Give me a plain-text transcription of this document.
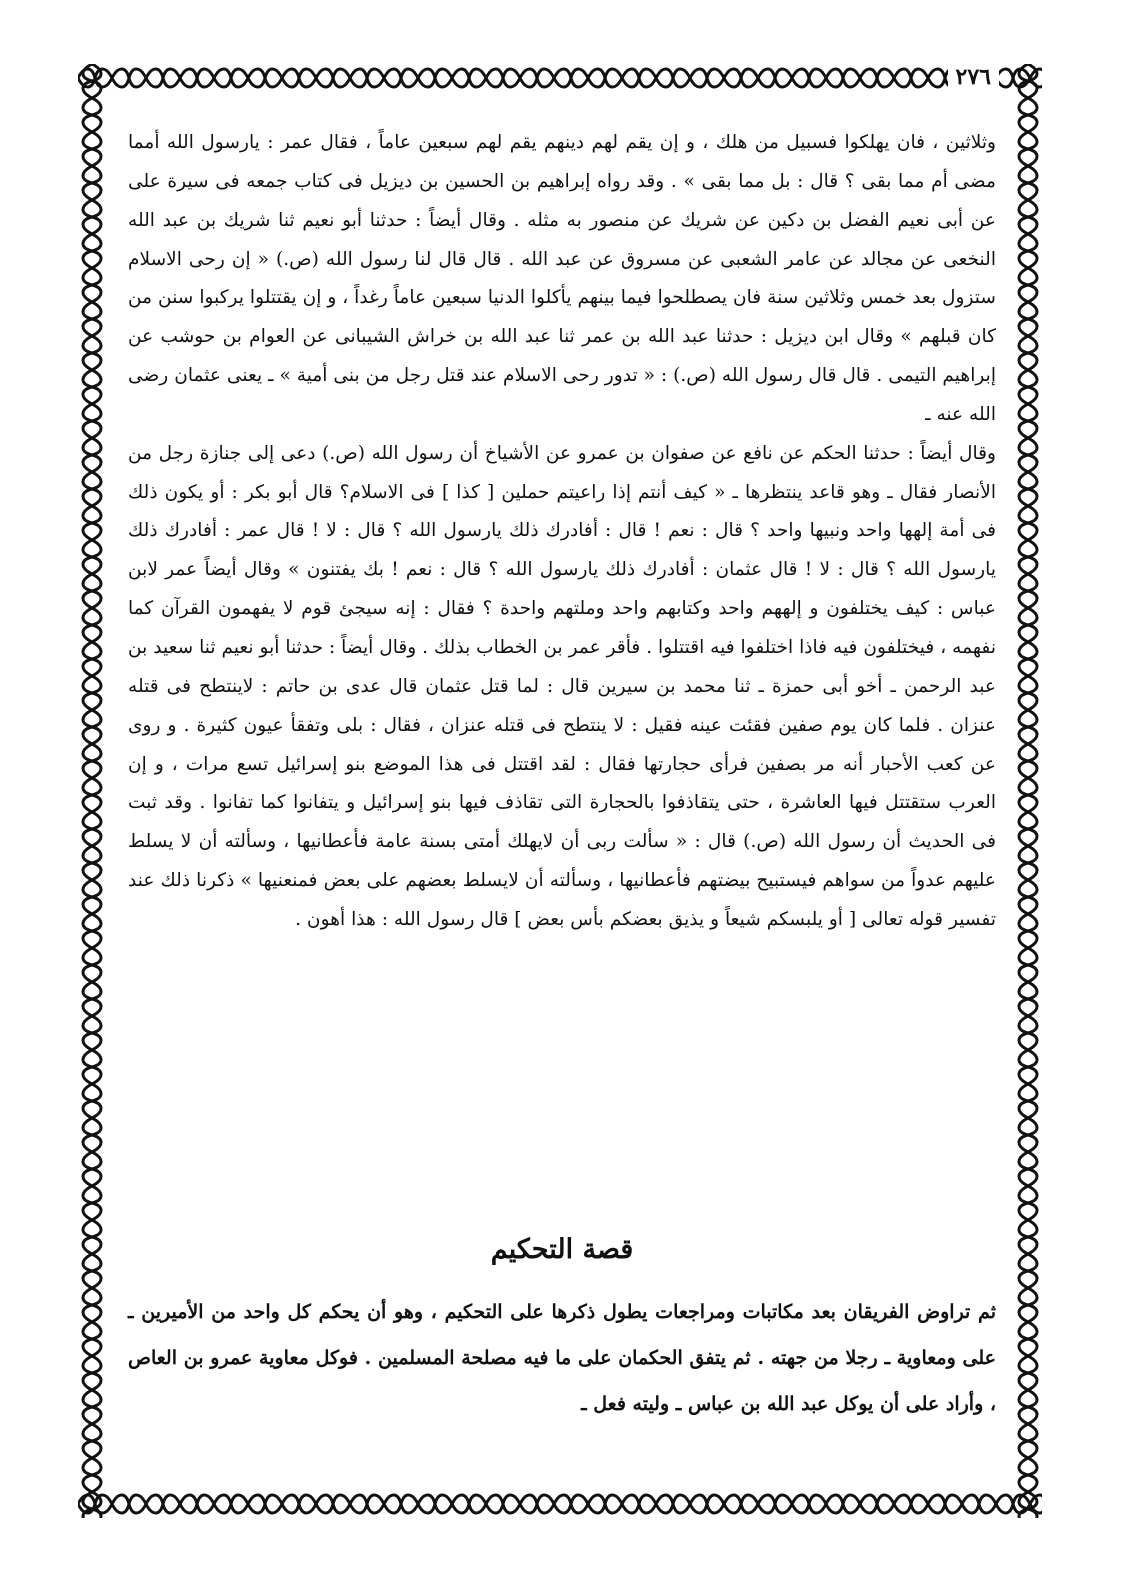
٢٧٦

وثلاثين ، فان يهلكوا فسبيل من هلك ، و إن يقم لهم دينهم يقم لهم سبعين عاماً ، فقال عمر : يارسول الله أمما مضى أم مما بقى ؟ قال : بل مما بقى » . وقد رواه إبراهيم بن الحسين بن ديزيل فى كتاب جمعه فى سيرة على عن أبى نعيم الفضل بن دكين عن شريك عن منصور به مثله . وقال أيضاً : حدثنا أبو نعيم ثنا شريك بن عبد الله النخعى عن مجالد عن عامر الشعبى عن مسروق عن عبد الله . قال قال لنا رسول الله (ص.) « إن رحى الاسلام ستزول بعد خمس وثلاثين سنة فان يصطلحوا فيما بينهم يأكلوا الدنيا سبعين عاماً رغداً ، و إن يقتتلوا يركبوا سنن من كان قبلهم » وقال ابن ديزيل : حدثنا عبد الله بن عمر ثنا عبد الله بن خراش الشيبانى عن العوام بن حوشب عن إبراهيم التيمى . قال قال رسول الله (ص.) : « تدور رحى الاسلام عند قتل رجل من بنى أمية » ـ يعنى عثمان رضى الله عنه ـ

وقال أيضاً : حدثنا الحكم عن نافع عن صفوان بن عمرو عن الأشياخ أن رسول الله (ص.) دعى إلى جنازة رجل من الأنصار فقال ـ وهو قاعد ينتظرها ـ « كيف أنتم إذا راعيتم حملين [ كذا ] فى الاسلام؟ قال أبو بكر : أو يكون ذلك فى أمة إلهها واحد ونبيها واحد ؟ قال : نعم ! قال : أفادرك ذلك يارسول الله ؟ قال : لا ! قال عمر : أفادرك ذلك يارسول الله ؟ قال : لا ! قال عثمان : أفادرك ذلك يارسول الله ؟ قال : نعم ! بك يفتنون » وقال أيضاً عمر لابن عباس : كيف يختلفون و إلههم واحد وكتابهم واحد وملتهم واحدة ؟ فقال : إنه سيجئ قوم لا يفهمون القرآن كما نفهمه ، فيختلفون فيه فاذا اختلفوا فيه اقتتلوا . فأقر عمر بن الخطاب بذلك . وقال أيضاً : حدثنا أبو نعيم ثنا سعيد بن عبد الرحمن ـ أخو أبى حمزة ـ ثنا محمد بن سيرين قال : لما قتل عثمان قال عدى بن حاتم : لاينتطح فى قتله عنزان . فلما كان يوم صفين فقئت عينه فقيل : لا ينتطح فى قتله عنزان ، فقال : بلى وتفقأ عيون كثيرة . و روى عن كعب الأحبار أنه مر بصفين فرأى حجارتها فقال : لقد اقتتل فى هذا الموضع بنو إسرائيل تسع مرات ، و إن العرب ستقتتل فيها العاشرة ، حتى يتقاذفوا بالحجارة التى تقاذف فيها بنو إسرائيل و يتفانوا كما تفانوا . وقد ثبت فى الحديث أن رسول الله (ص.) قال : « سألت ربى أن لايهلك أمتى بسنة عامة فأعطانيها ، وسألته أن لا يسلط عليهم عدواً من سواهم فيستبيح بيضتهم فأعطانيها ، وسألته أن لايسلط بعضهم على بعض فمنعنيها » ذكرنا ذلك عند تفسير قوله تعالى [ أو يلبسكم شيعاً و يذيق بعضكم بأس بعض ] قال رسول الله : هذا أهون .

قصة التحكيم

ثم تراوض الفريقان بعد مكاتبات ومراجعات يطول ذكرها على التحكيم ، وهو أن يحكم كل واحد من الأميرين ـ على ومعاوية ـ رجلا من جهته . ثم يتفق الحكمان على ما فيه مصلحة المسلمين . فوكل معاوية عمرو بن العاص ، وأراد على أن يوكل عبد الله بن عباس ـ وليته فعل ـ
